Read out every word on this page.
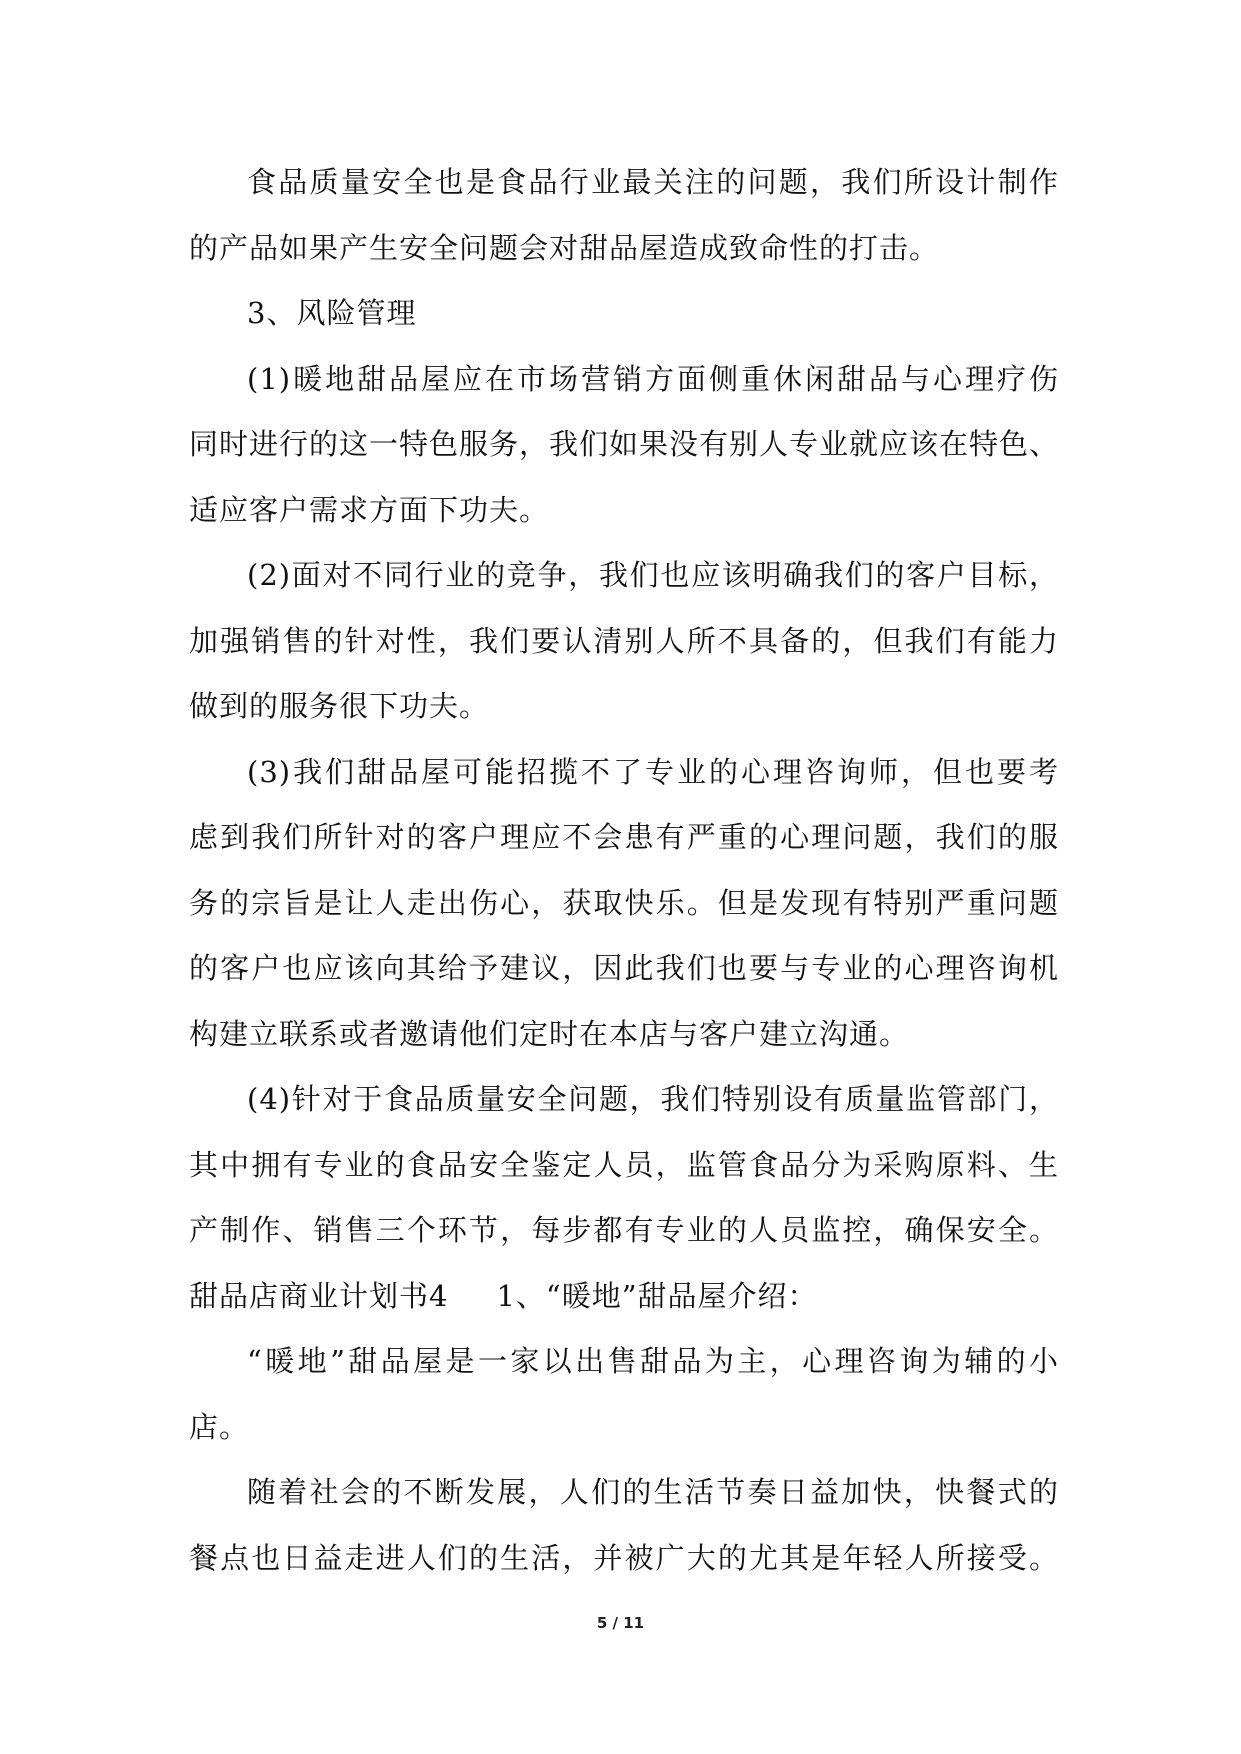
食品质量安全也是食品行业最关注的问题，我们所设计制作
的产品如果产生安全问题会对甜品屋造成致命性的打击。
3、风险管理
(1)暖地甜品屋应在市场营销方面侧重休闲甜品与心理疗伤
同时进行的这一特色服务，我们如果没有别人专业就应该在特色、
适应客户需求方面下功夫。
(2)面对不同行业的竞争，我们也应该明确我们的客户目标，
加强销售的针对性，我们要认清别人所不具备的，但我们有能力
做到的服务很下功夫。
(3)我们甜品屋可能招揽不了专业的心理咨询师，但也要考
虑到我们所针对的客户理应不会患有严重的心理问题，我们的服
务的宗旨是让人走出伤心，获取快乐。但是发现有特别严重问题
的客户也应该向其给予建议，因此我们也要与专业的心理咨询机
构建立联系或者邀请他们定时在本店与客户建立沟通。
(4)针对于食品质量安全问题，我们特别设有质量监管部门，
其中拥有专业的食品安全鉴定人员，监管食品分为采购原料、生
产制作、销售三个环节，每步都有专业的人员监控，确保安全。
甜品店商业计划书4 1、“暖地”甜品屋介绍：
“暖地”甜品屋是一家以出售甜品为主，心理咨询为辅的小
店。
随着社会的不断发展，人们的生活节奏日益加快，快餐式的
餐点也日益走进人们的生活，并被广大的尤其是年轻人所接受。
5 / 11
